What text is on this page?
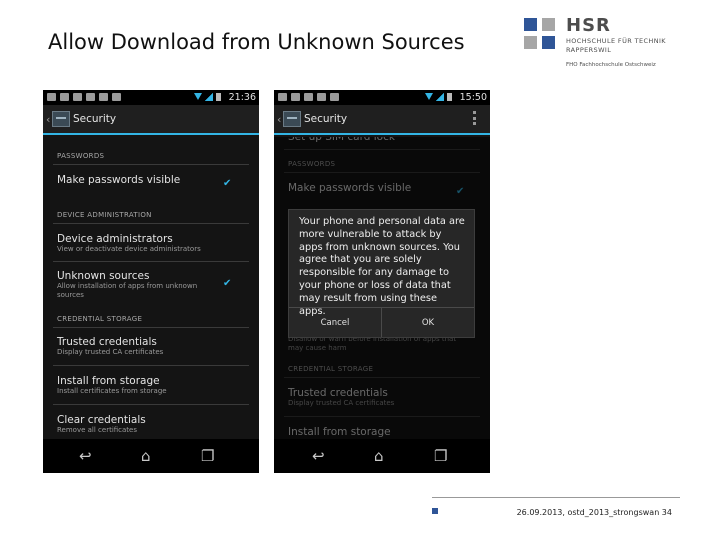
Allow Download from Unknown Sources
HSR
HOCHSCHULE FÜR TECHNIK
RAPPERSWIL
FHO Fachhochschule Ostschweiz
21:36
‹ Security
PASSWORDS
Make passwords visible	✔
DEVICE ADMINISTRATION
Device administrators
View or deactivate device administrators
Unknown sources
Allow installation of apps from unknown sources
✔
CREDENTIAL STORAGE
Trusted credentials
Display trusted CA certificates
Install from storage
Install certificates from storage
Clear credentials
Remove all certificates
↩	⌂	❐
15:50
‹ Security
Your phone and personal data are more vulnerable to attack by apps from unknown sources. You agree that you are solely responsible for any damage to your phone or loss of data that may result from using these apps.
Cancel	OK
↩	⌂	❐
26.09.2013, ostd_2013_strongswan 34
